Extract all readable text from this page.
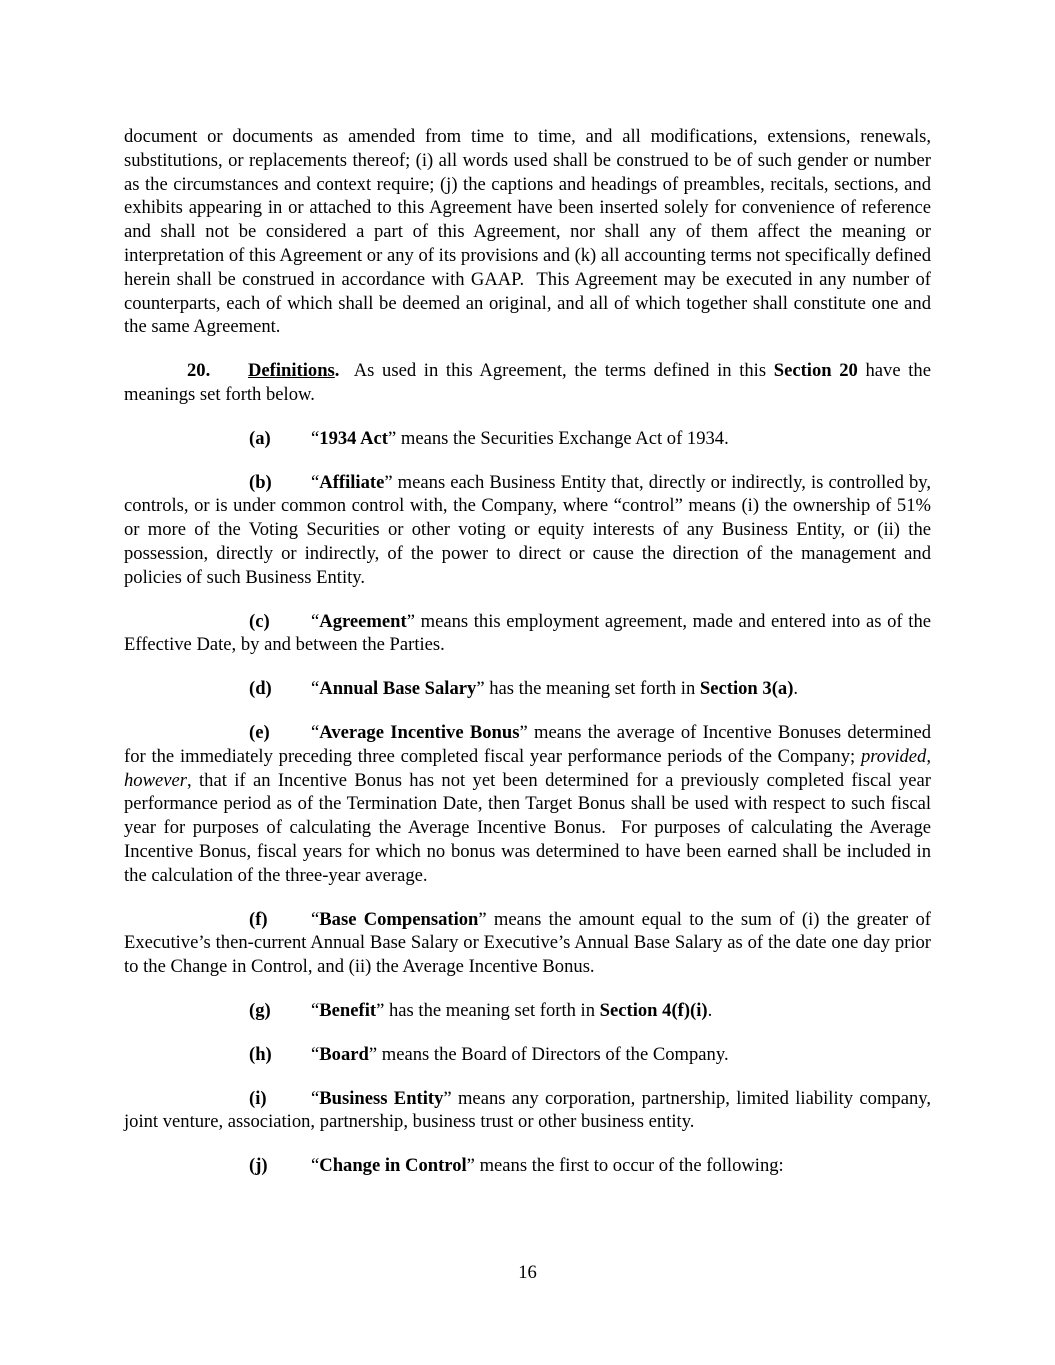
document or documents as amended from time to time, and all modifications, extensions, renewals, substitutions, or replacements thereof; (i) all words used shall be construed to be of such gender or number as the circumstances and context require; (j) the captions and headings of preambles, recitals, sections, and exhibits appearing in or attached to this Agreement have been inserted solely for convenience of reference and shall not be considered a part of this Agreement, nor shall any of them affect the meaning or interpretation of this Agreement or any of its provisions and (k) all accounting terms not specifically defined herein shall be construed in accordance with GAAP.  This Agreement may be executed in any number of counterparts, each of which shall be deemed an original, and all of which together shall constitute one and the same Agreement.

20. Definitions.  As used in this Agreement, the terms defined in this Section 20 have the meanings set forth below.

(a) “1934 Act” means the Securities Exchange Act of 1934.

(b) “Affiliate” means each Business Entity that, directly or indirectly, is controlled by, controls, or is under common control with, the Company, where “control” means (i) the ownership of 51% or more of the Voting Securities or other voting or equity interests of any Business Entity, or (ii) the possession, directly or indirectly, of the power to direct or cause the direction of the management and policies of such Business Entity.

(c) “Agreement” means this employment agreement, made and entered into as of the Effective Date, by and between the Parties.

(d) “Annual Base Salary” has the meaning set forth in Section 3(a).

(e) “Average Incentive Bonus” means the average of Incentive Bonuses determined for the immediately preceding three completed fiscal year performance periods of the Company; provided, however, that if an Incentive Bonus has not yet been determined for a previously completed fiscal year performance period as of the Termination Date, then Target Bonus shall be used with respect to such fiscal year for purposes of calculating the Average Incentive Bonus.  For purposes of calculating the Average Incentive Bonus, fiscal years for which no bonus was determined to have been earned shall be included in the calculation of the three-year average.

(f) “Base Compensation” means the amount equal to the sum of (i) the greater of Executive’s then-current Annual Base Salary or Executive’s Annual Base Salary as of the date one day prior to the Change in Control, and (ii) the Average Incentive Bonus.

(g) “Benefit” has the meaning set forth in Section 4(f)(i).

(h) “Board” means the Board of Directors of the Company.

(i) “Business Entity” means any corporation, partnership, limited liability company, joint venture, association, partnership, business trust or other business entity.

(j) “Change in Control” means the first to occur of the following:

16
